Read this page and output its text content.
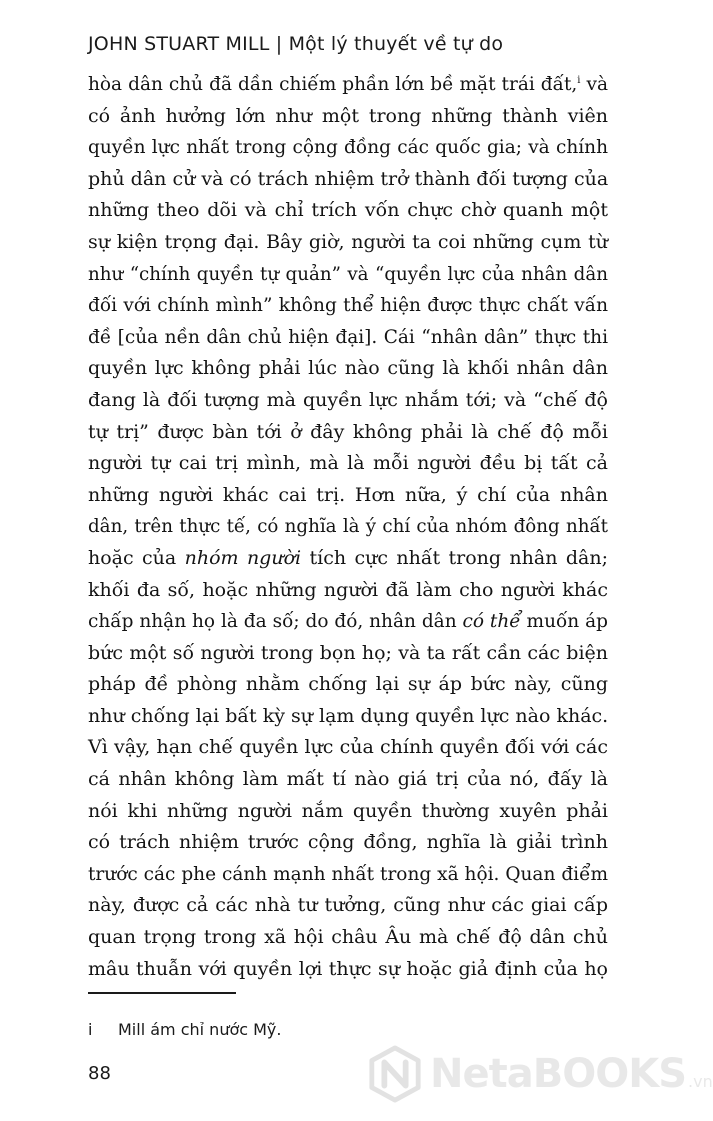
JOHN STUART MILL | Một lý thuyết về tự do
hòa dân chủ đã dần chiếm phần lớn bề mặt trái đất,$^i$ và
có ảnh hưởng lớn như một trong những thành viên
quyền lực nhất trong cộng đồng các quốc gia; và chính
phủ dân cử và có trách nhiệm trở thành đối tượng của
những theo dõi và chỉ trích vốn chực chờ quanh một
sự kiện trọng đại. Bây giờ, người ta coi những cụm từ
như “chính quyền tự quản” và “quyền lực của nhân dân
đối với chính mình” không thể hiện được thực chất vấn
đề [của nền dân chủ hiện đại]. Cái “nhân dân” thực thi
quyền lực không phải lúc nào cũng là khối nhân dân
đang là đối tượng mà quyền lực nhắm tới; và “chế độ
tự trị” được bàn tới ở đây không phải là chế độ mỗi
người tự cai trị mình, mà là mỗi người đều bị tất cả
những người khác cai trị. Hơn nữa, ý chí của nhân
dân, trên thực tế, có nghĩa là ý chí của nhóm đông nhất
hoặc của nhóm người tích cực nhất trong nhân dân;
khối đa số, hoặc những người đã làm cho người khác
chấp nhận họ là đa số; do đó, nhân dân có thể muốn áp
bức một số người trong bọn họ; và ta rất cần các biện
pháp đề phòng nhằm chống lại sự áp bức này, cũng
như chống lại bất kỳ sự lạm dụng quyền lực nào khác.
Vì vậy, hạn chế quyền lực của chính quyền đối với các
cá nhân không làm mất tí nào giá trị của nó, đấy là
nói khi những người nắm quyền thường xuyên phải
có trách nhiệm trước cộng đồng, nghĩa là giải trình
trước các phe cánh mạnh nhất trong xã hội. Quan điểm
này, được cả các nhà tư tưởng, cũng như các giai cấp
quan trọng trong xã hội châu Âu mà chế độ dân chủ
mâu thuẫn với quyền lợi thực sự hoặc giả định của họ
i Mill ám chỉ nước Mỹ.
88	NetaBOOKS .vn
